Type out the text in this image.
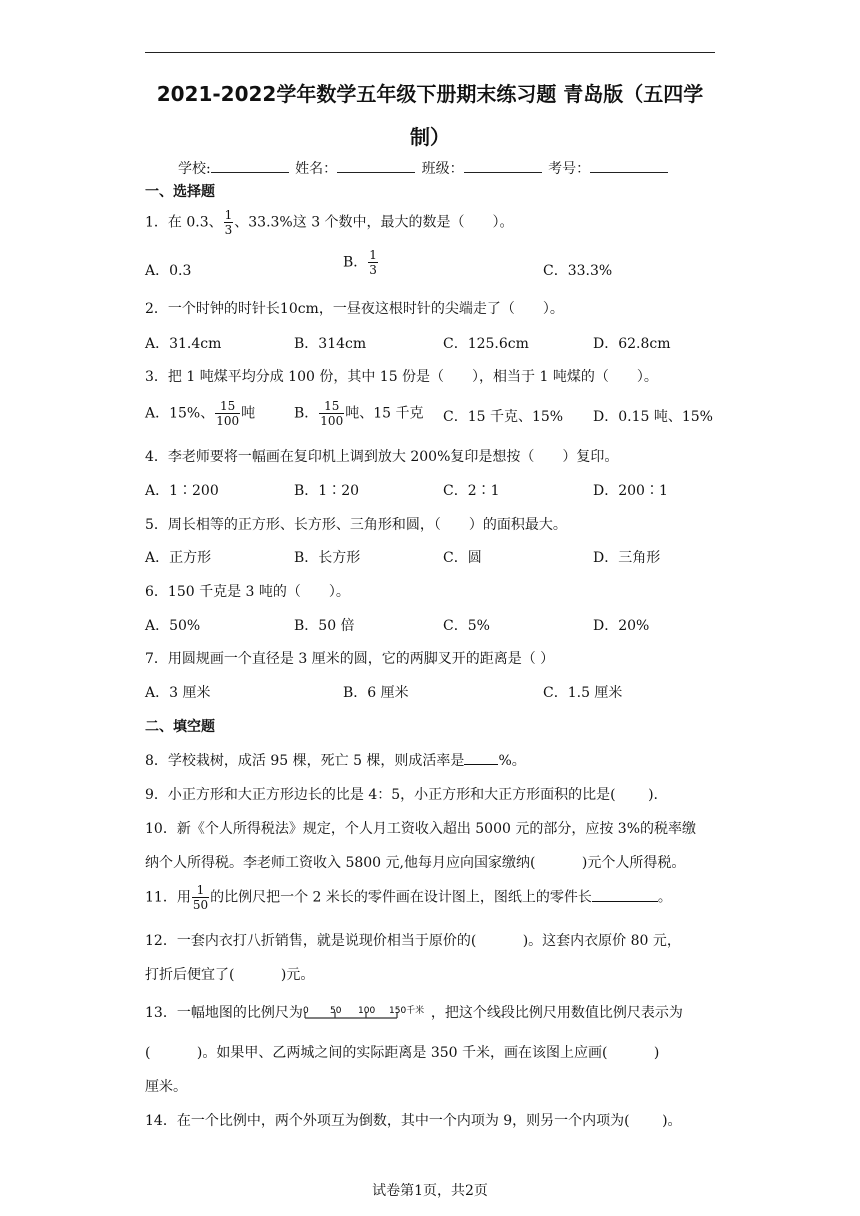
2021-2022学年数学五年级下册期末练习题 青岛版（五四学
制）
学校:	姓名：	班级：	考号：
一、选择题
1．在 0.3、 $\frac{1}{3}$ 、33.3%这 3 个数中，最大的数是（　　）。
A．0.3
B． $\frac{1}{3}$	C．33.3%
2．一个时钟的时针长10cm，一昼夜这根时针的尖端走了（　　）。
A．31.4cm	B．314cm	C．125.6cm	D．62.8cm
3．把 1 吨煤平均分成 100 份，其中 15 份是（　　），相当于 1 吨煤的（　　）。
A．15%、 $\frac{15}{100}$ 吨	B． $\frac{15}{100}$ 吨、15 千克 C．15 千克、15% D．0.15 吨、15%
4．李老师要将一幅画在复印机上调到放大 200%复印是想按（　　）复印。
A．1∶200	B．1∶20	C．2∶1	D．200∶1
5．周长相等的正方形、长方形、三角形和圆，（　　）的面积最大。
A．正方形	B．长方形	C．圆	D．三角形
6．150 千克是 3 吨的（　　）。
A．50%	B．50 倍	C．5%	D．20%
7．用圆规画一个直径是 3 厘米的圆，它的两脚叉开的距离是（ ）
A．3 厘米	B．6 厘米	C．1.5 厘米
二、填空题
8．学校栽树，成活 95 棵，死亡 5 棵，则成活率是 %。
9．小正方形和大正方形边长的比是 4：5，小正方形和大正方形面积的比是(　　 ).
10．新《个人所得税法》规定，个人月工资收入超出 5000 元的部分，应按 3%的税率缴
纳个人所得税。李老师工资收入 5800 元,他每月应向国家缴纳(　　　 )元个人所得税。
11．用 $\frac{1}{50}$ 的比例尺把一个 2 米长的零件画在设计图上，图纸上的零件长	。
12．一套内衣打八折销售，就是说现价相当于原价的(　　　 )。这套内衣原价 80 元，
打折后便宜了(　　　 )元。
13．一幅地图的比例尺为 0 50 100 150千米 ，把这个线段比例尺用数值比例尺表示为
(　　　 )。如果甲、乙两城之间的实际距离是 350 千米，画在该图上应画(　　　 )
厘米。
14．在一个比例中，两个外项互为倒数，其中一个内项为 9，则另一个内项为(　　 )。
试卷第1页，共2页
